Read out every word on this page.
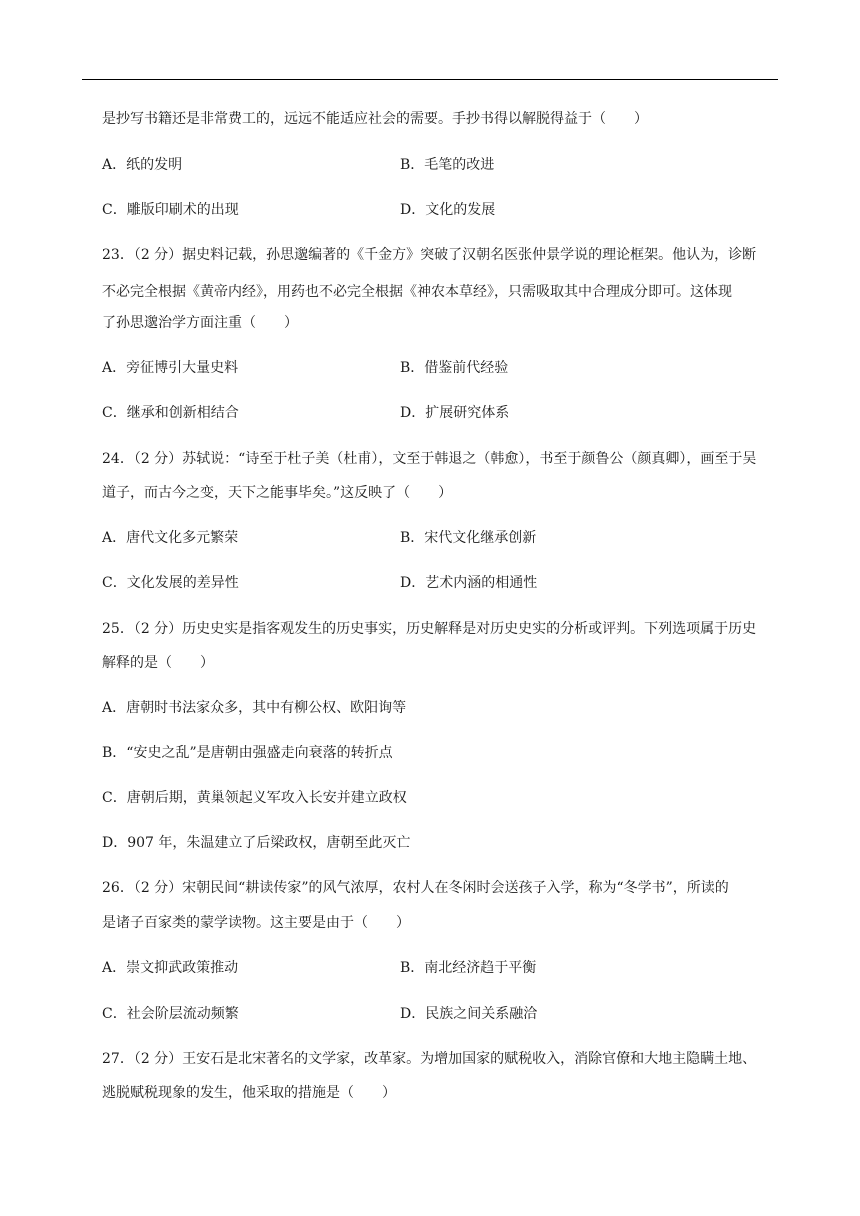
是抄写书籍还是非常费工的，远远不能适应社会的需要。手抄书得以解脱得益于（　　）
A．纸的发明	B．毛笔的改进
C．雕版印刷术的出现	D．文化的发展
23．（2 分）据史料记载，孙思邈编著的《千金方》突破了汉朝名医张仲景学说的理论框架。他认为，诊断
不必完全根据《黄帝内经》，用药也不必完全根据《神农本草经》，只需吸取其中合理成分即可。这体现
了孙思邈治学方面注重（　　）
A．旁征博引大量史料	B．借鉴前代经验
C．继承和创新相结合	D．扩展研究体系
24．（2 分）苏轼说：“诗至于杜子美（杜甫），文至于韩退之（韩愈），书至于颜鲁公（颜真卿），画至于吴
道子，而古今之变，天下之能事毕矣。”这反映了（　　）
A．唐代文化多元繁荣	B．宋代文化继承创新
C．文化发展的差异性	D．艺术内涵的相通性
25．（2 分）历史史实是指客观发生的历史事实，历史解释是对历史史实的分析或评判。下列选项属于历史
解释的是（　　）
A．唐朝时书法家众多，其中有柳公权、欧阳询等
B．“安史之乱”是唐朝由强盛走向衰落的转折点
C．唐朝后期，黄巢领起义军攻入长安并建立政权
D．907 年，朱温建立了后梁政权，唐朝至此灭亡
26．（2 分）宋朝民间“耕读传家”的风气浓厚，农村人在冬闲时会送孩子入学，称为“冬学书”，所读的
是诸子百家类的蒙学读物。这主要是由于（　　）
A．崇文抑武政策推动	B．南北经济趋于平衡
C．社会阶层流动频繁	D．民族之间关系融洽
27．（2 分）王安石是北宋著名的文学家，改革家。为增加国家的赋税收入，消除官僚和大地主隐瞒土地、
逃脱赋税现象的发生，他采取的措施是（　　）
